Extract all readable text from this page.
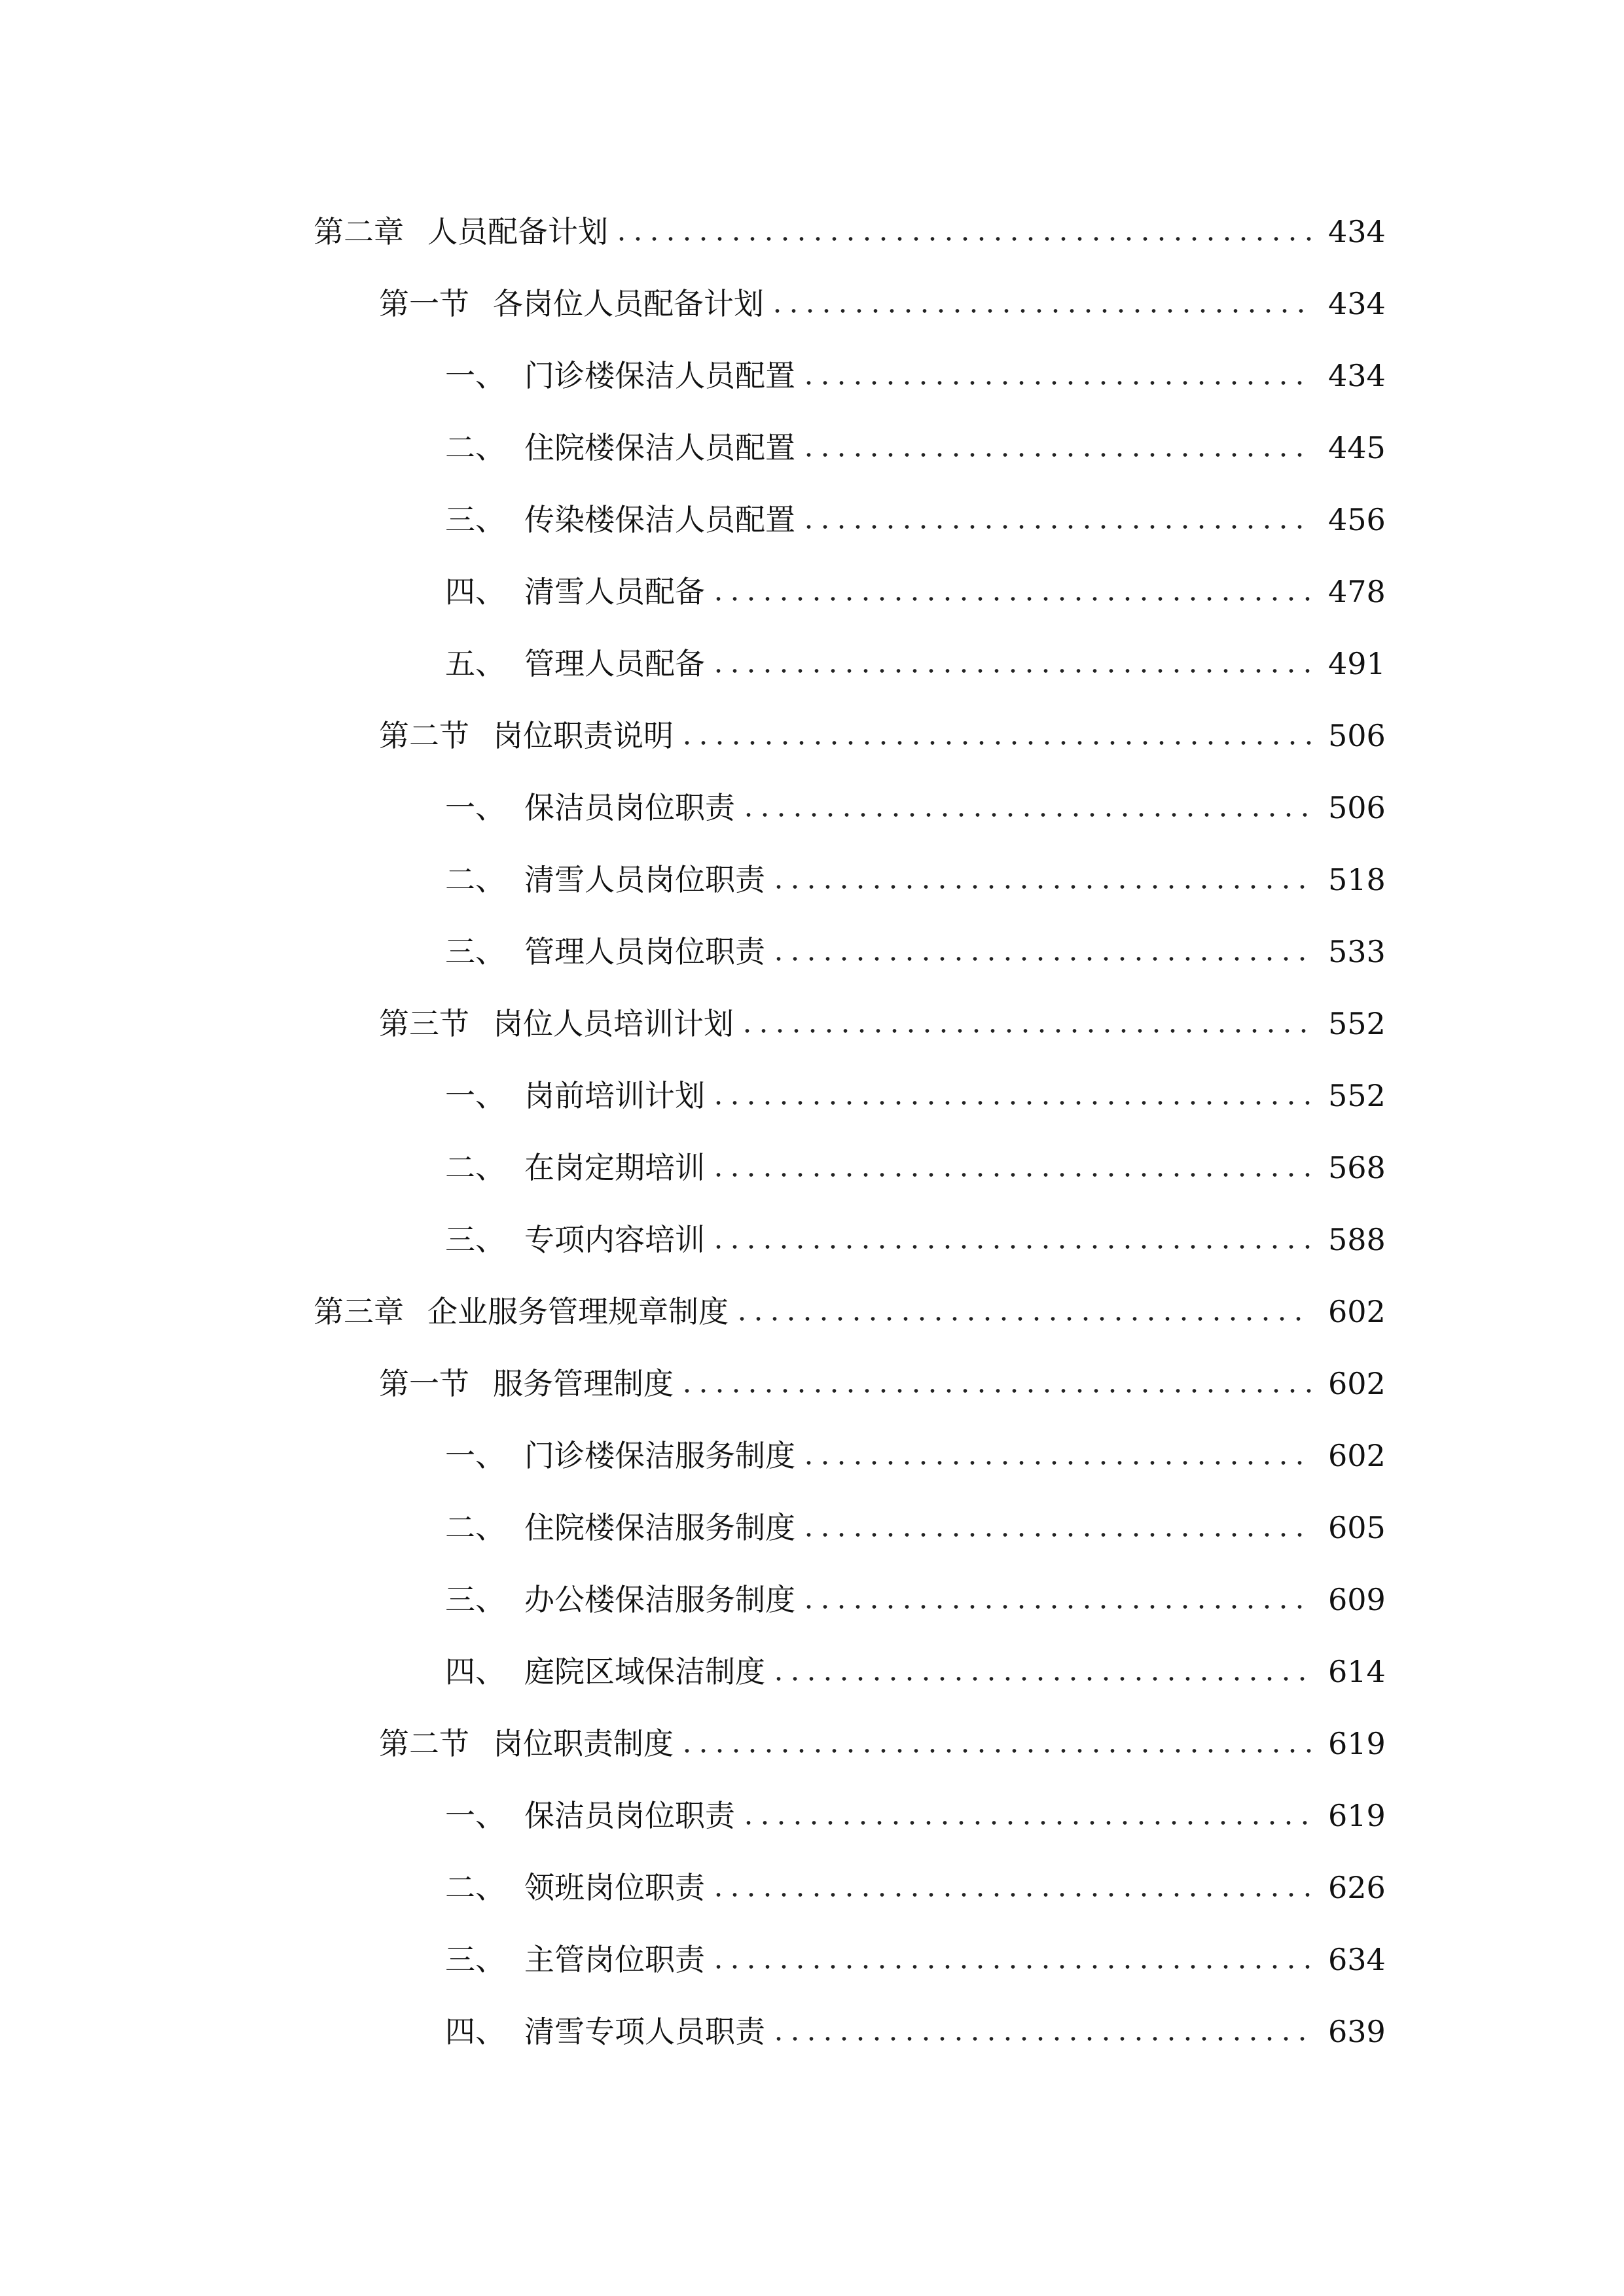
第二章 人员配备计划	434
第一节 各岗位人员配备计划	434
一、 门诊楼保洁人员配置	434
二、 住院楼保洁人员配置	445
三、 传染楼保洁人员配置	456
四、 清雪人员配备	478
五、 管理人员配备	491
第二节 岗位职责说明	506
一、 保洁员岗位职责	506
二、 清雪人员岗位职责	518
三、 管理人员岗位职责	533
第三节 岗位人员培训计划	552
一、 岗前培训计划	552
二、 在岗定期培训	568
三、 专项内容培训	588
第三章 企业服务管理规章制度	602
第一节 服务管理制度	602
一、 门诊楼保洁服务制度	602
二、 住院楼保洁服务制度	605
三、 办公楼保洁服务制度	609
四、 庭院区域保洁制度	614
第二节 岗位职责制度	619
一、 保洁员岗位职责	619
二、 领班岗位职责	626
三、 主管岗位职责	634
四、 清雪专项人员职责	639
